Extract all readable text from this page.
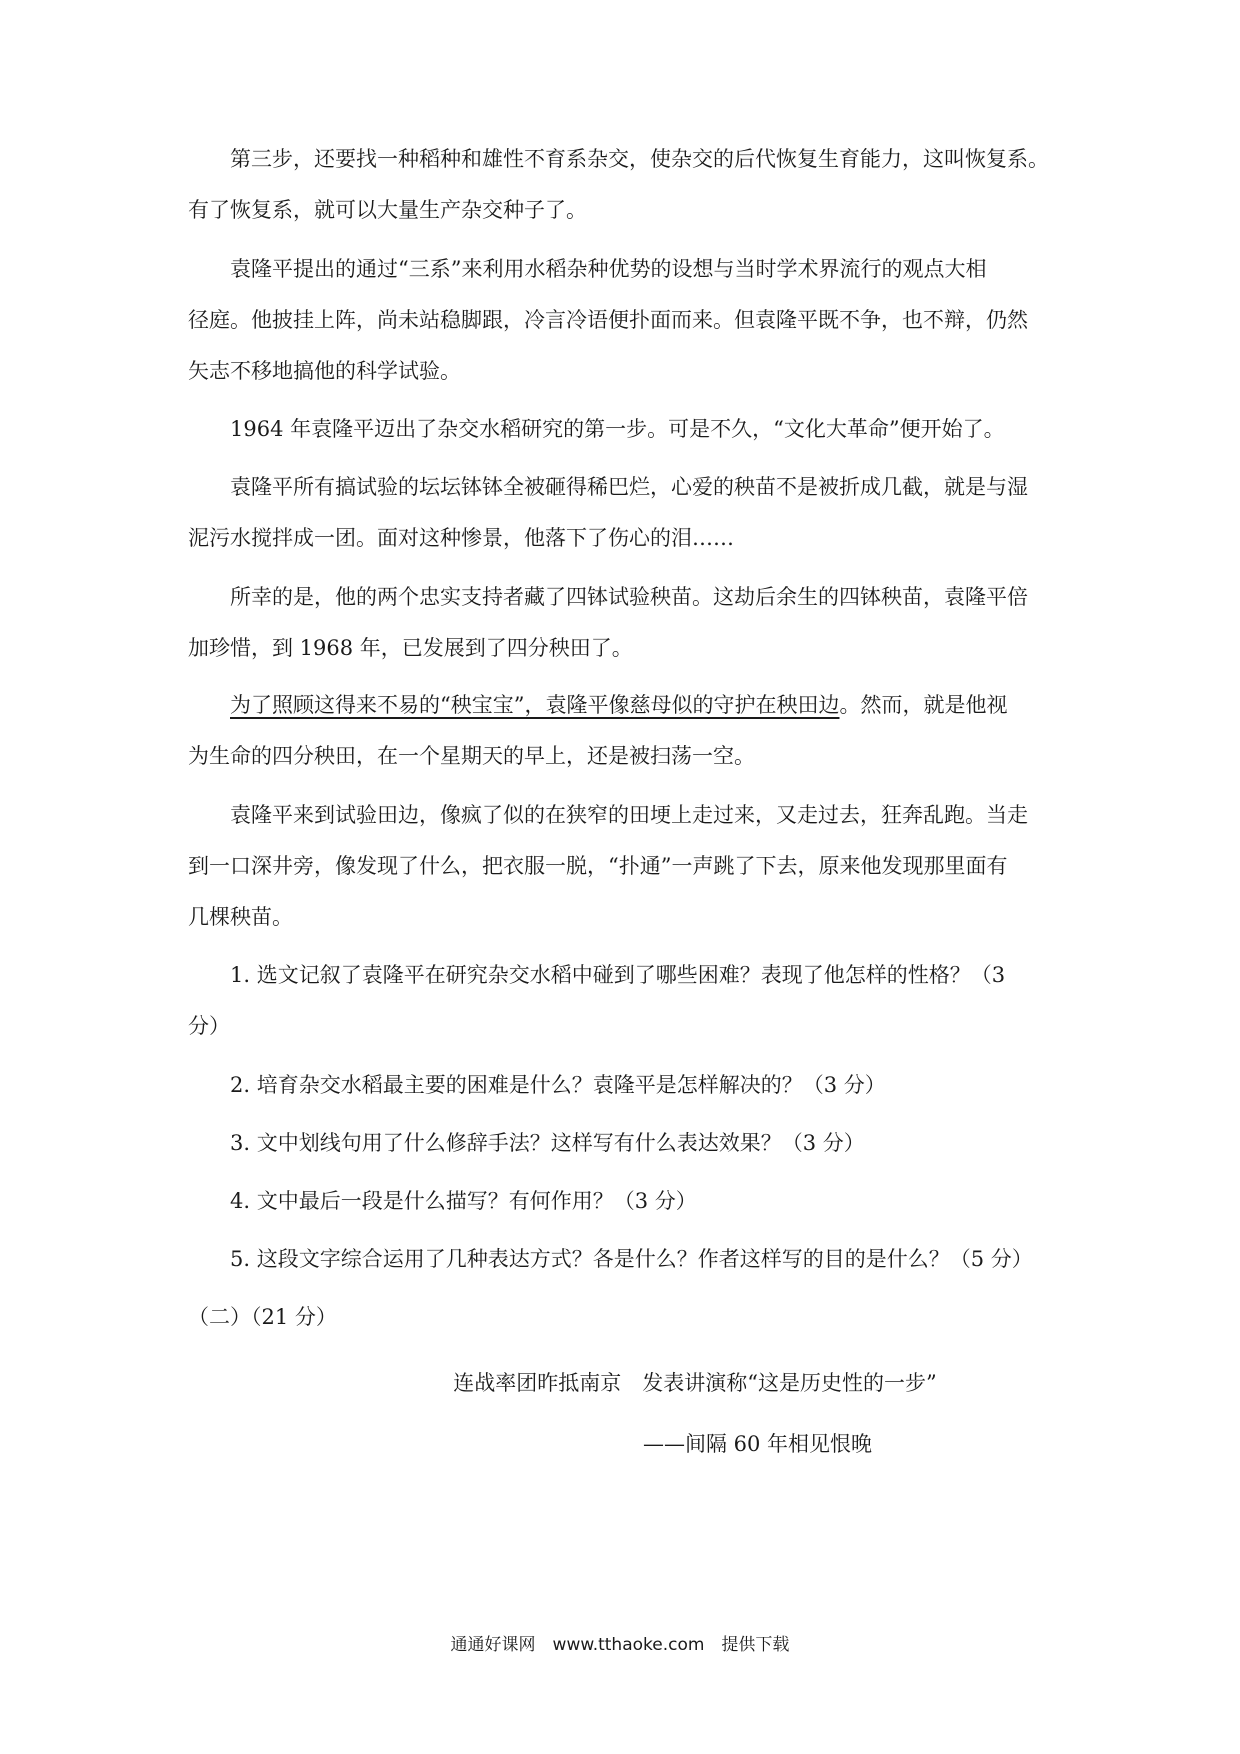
第三步，还要找一种稻种和雄性不育系杂交，使杂交的后代恢复生育能力，这叫恢复系。
有了恢复系，就可以大量生产杂交种子了。

袁隆平提出的通过“三系”来利用水稻杂种优势的设想与当时学术界流行的观点大相
径庭。他披挂上阵，尚未站稳脚跟，冷言冷语便扑面而来。但袁隆平既不争，也不辩，仍然
矢志不移地搞他的科学试验。

1964 年袁隆平迈出了杂交水稻研究的第一步。可是不久，“文化大革命”便开始了。

袁隆平所有搞试验的坛坛钵钵全被砸得稀巴烂，心爱的秧苗不是被折成几截，就是与湿
泥污水搅拌成一团。面对这种惨景，他落下了伤心的泪……

所幸的是，他的两个忠实支持者藏了四钵试验秧苗。这劫后余生的四钵秧苗，袁隆平倍
加珍惜，到 1968 年，已发展到了四分秧田了。

为了照顾这得来不易的“秧宝宝”，袁隆平像慈母似的守护在秧田边。然而，就是他视
为生命的四分秧田，在一个星期天的早上，还是被扫荡一空。

袁隆平来到试验田边，像疯了似的在狭窄的田埂上走过来，又走过去，狂奔乱跑。当走
到一口深井旁，像发现了什么，把衣服一脱，“扑通”一声跳了下去，原来他发现那里面有
几棵秧苗。

1. 选文记叙了袁隆平在研究杂交水稻中碰到了哪些困难？表现了他怎样的性格？（3
分）

2. 培育杂交水稻最主要的困难是什么？袁隆平是怎样解决的？（3 分）

3. 文中划线句用了什么修辞手法？这样写有什么表达效果？（3 分）

4. 文中最后一段是什么描写？有何作用？（3 分）

5. 这段文字综合运用了几种表达方式？各是什么？作者这样写的目的是什么？（5 分）

（二）（21 分）

连战率团昨抵南京　发表讲演称“这是历史性的一步”

——间隔 60 年相见恨晚

通通好课网　www.tthaoke.com　提供下载
